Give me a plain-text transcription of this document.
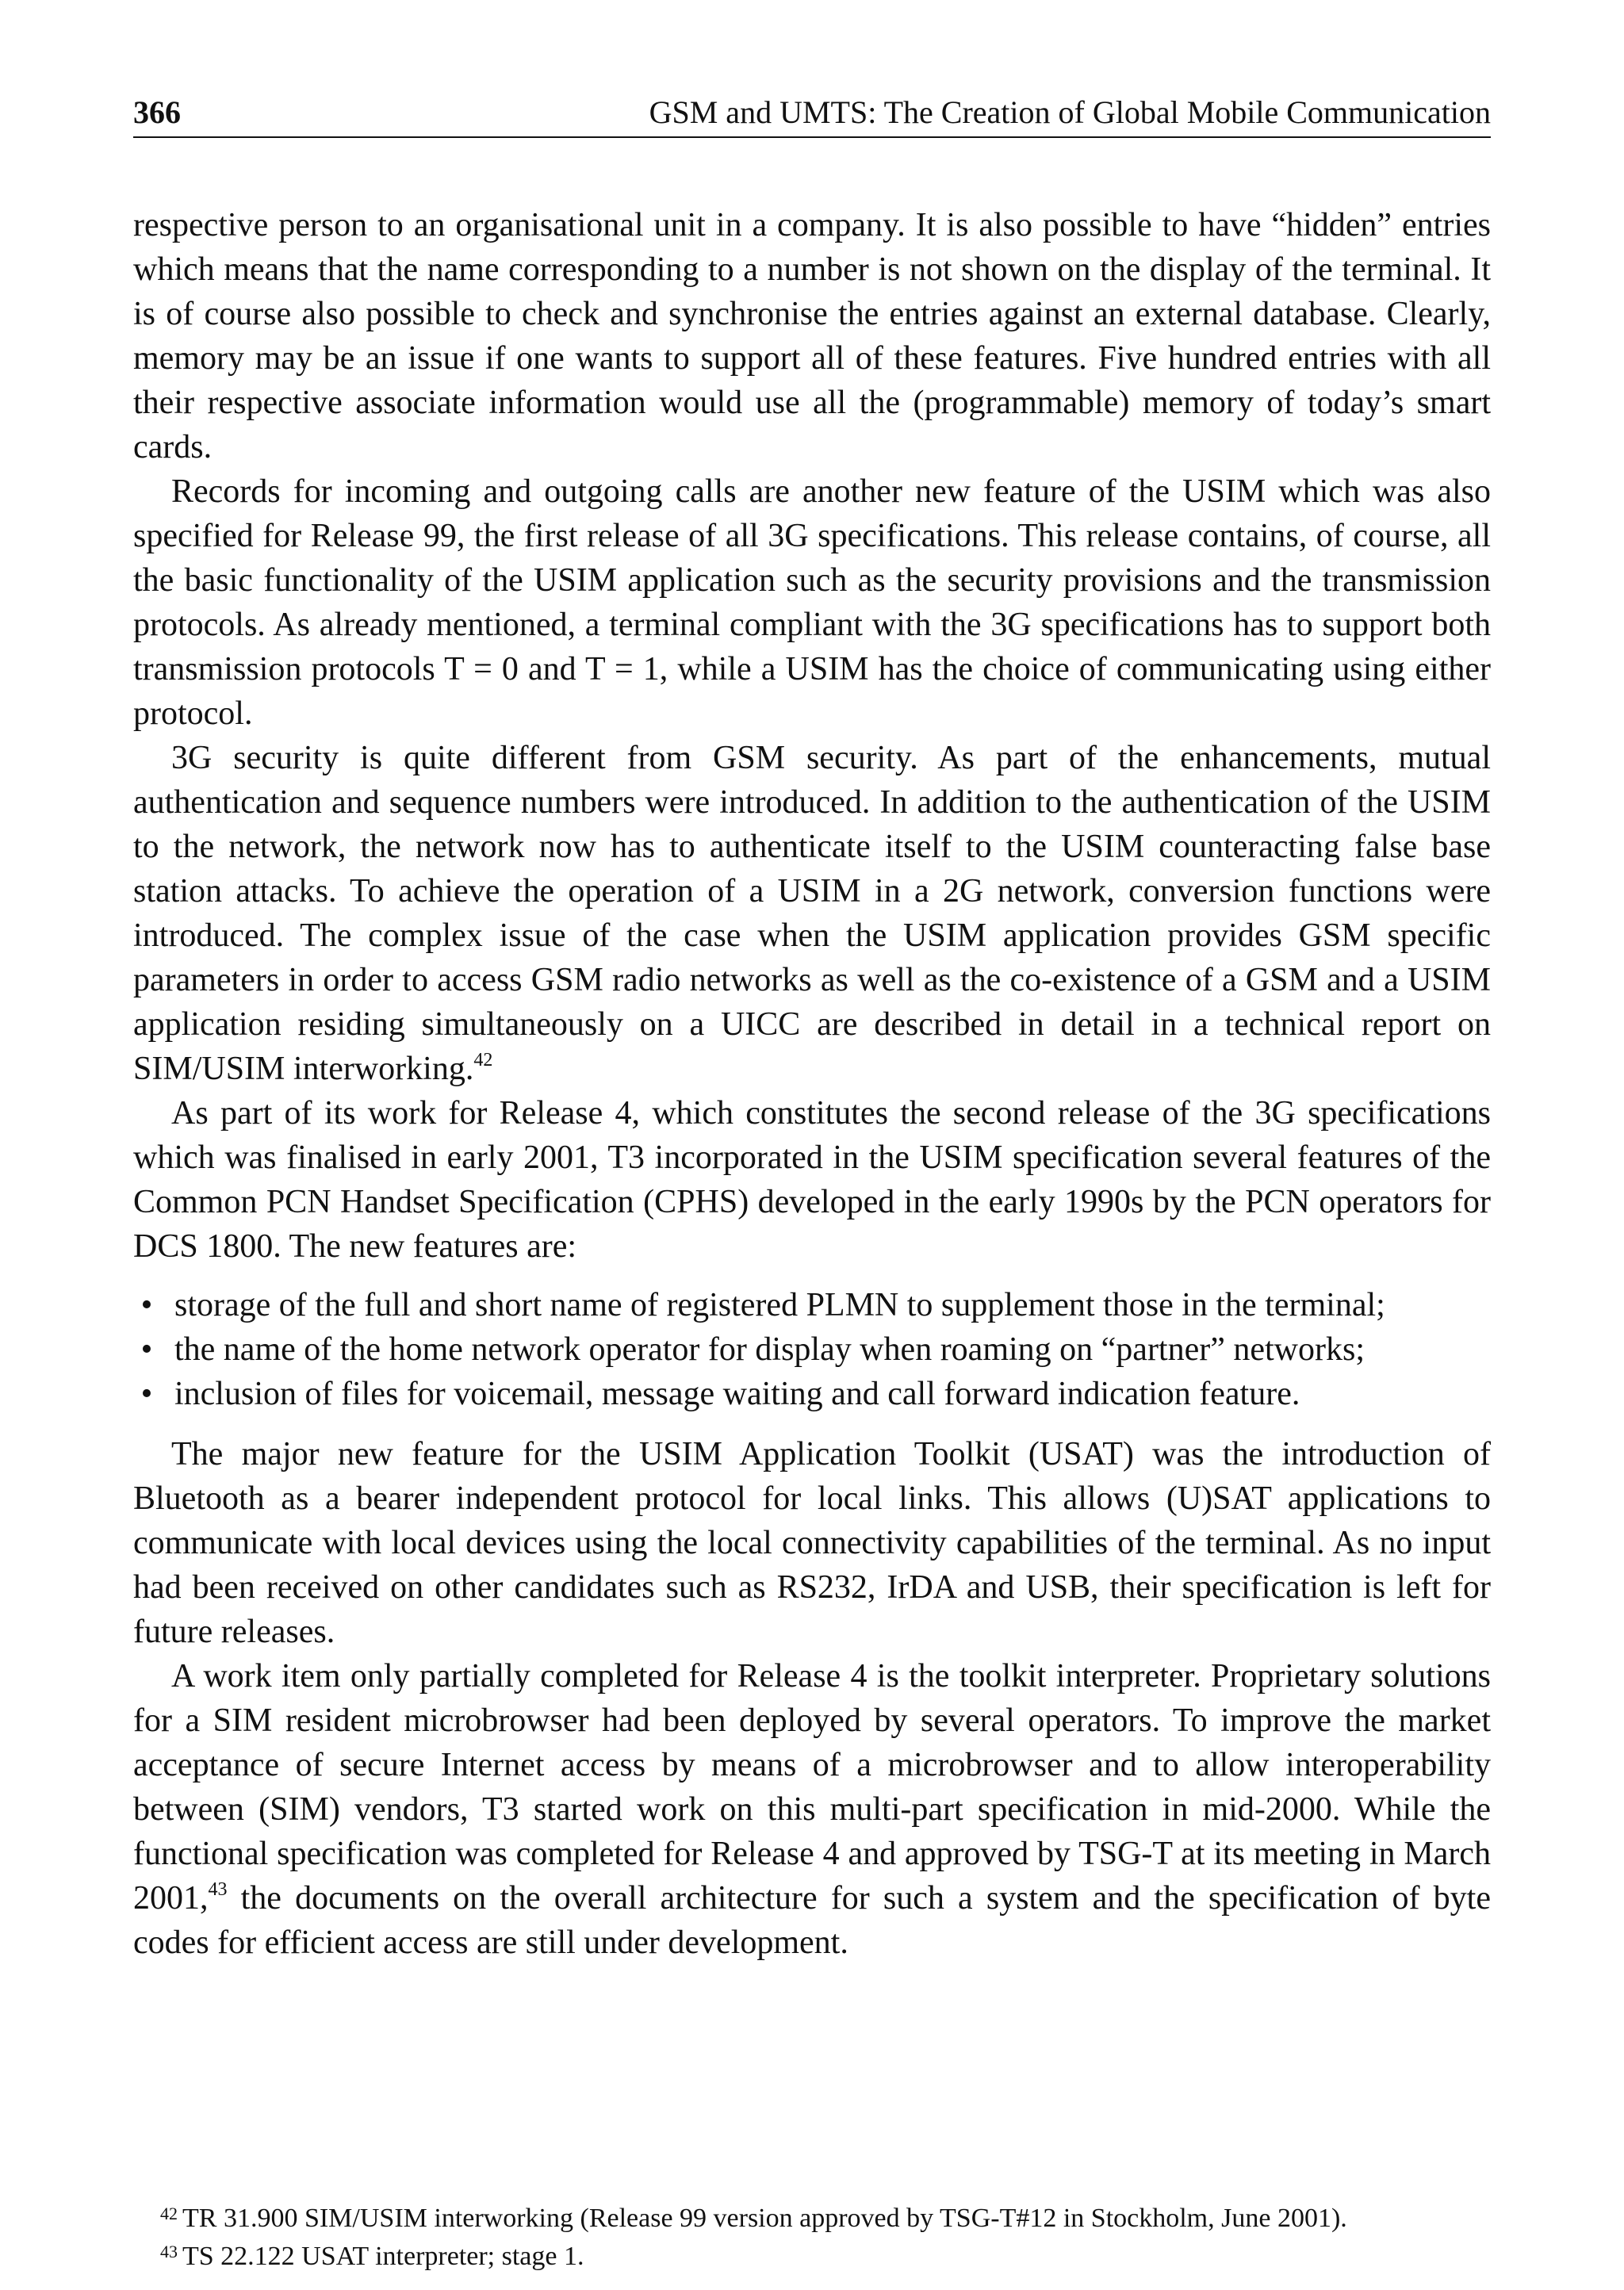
366	GSM and UMTS: The Creation of Global Mobile Communication

respective person to an organisational unit in a company. It is also possible to have “hidden” entries which means that the name corresponding to a number is not shown on the display of the terminal. It is of course also possible to check and synchronise the entries against an external database. Clearly, memory may be an issue if one wants to support all of these features. Five hundred entries with all their respective associate information would use all the (programmable) memory of today’s smart cards.

Records for incoming and outgoing calls are another new feature of the USIM which was also specified for Release 99, the first release of all 3G specifications. This release contains, of course, all the basic functionality of the USIM application such as the security provisions and the transmission protocols. As already mentioned, a terminal compliant with the 3G specifications has to support both transmission protocols T = 0 and T = 1, while a USIM has the choice of communicating using either protocol.

3G security is quite different from GSM security. As part of the enhancements, mutual authentication and sequence numbers were introduced. In addition to the authentication of the USIM to the network, the network now has to authenticate itself to the USIM counteracting false base station attacks. To achieve the operation of a USIM in a 2G network, conversion functions were introduced. The complex issue of the case when the USIM application provides GSM specific parameters in order to access GSM radio networks as well as the co-existence of a GSM and a USIM application residing simultaneously on a UICC are described in detail in a technical report on SIM/USIM interworking.$^{42}$

As part of its work for Release 4, which constitutes the second release of the 3G specifications which was finalised in early 2001, T3 incorporated in the USIM specification several features of the Common PCN Handset Specification (CPHS) developed in the early 1990s by the PCN operators for DCS 1800. The new features are:

• storage of the full and short name of registered PLMN to supplement those in the terminal;
• the name of the home network operator for display when roaming on “partner” networks;
• inclusion of files for voicemail, message waiting and call forward indication feature.

The major new feature for the USIM Application Toolkit (USAT) was the introduction of Bluetooth as a bearer independent protocol for local links. This allows (U)SAT applications to communicate with local devices using the local connectivity capabilities of the terminal. As no input had been received on other candidates such as RS232, IrDA and USB, their specification is left for future releases.

A work item only partially completed for Release 4 is the toolkit interpreter. Proprietary solutions for a SIM resident microbrowser had been deployed by several operators. To improve the market acceptance of secure Internet access by means of a microbrowser and to allow interoperability between (SIM) vendors, T3 started work on this multi-part specification in mid-2000. While the functional specification was completed for Release 4 and approved by TSG-T at its meeting in March 2001,43 the documents on the overall architecture for such a system and the specification of byte codes for efficient access are still under development.

$^{42}$ TR 31.900 SIM/USIM interworking (Release 99 version approved by TSG-T#12 in Stockholm, June 2001).

$^{43}$ TS 22.122 USAT interpreter; stage 1.
